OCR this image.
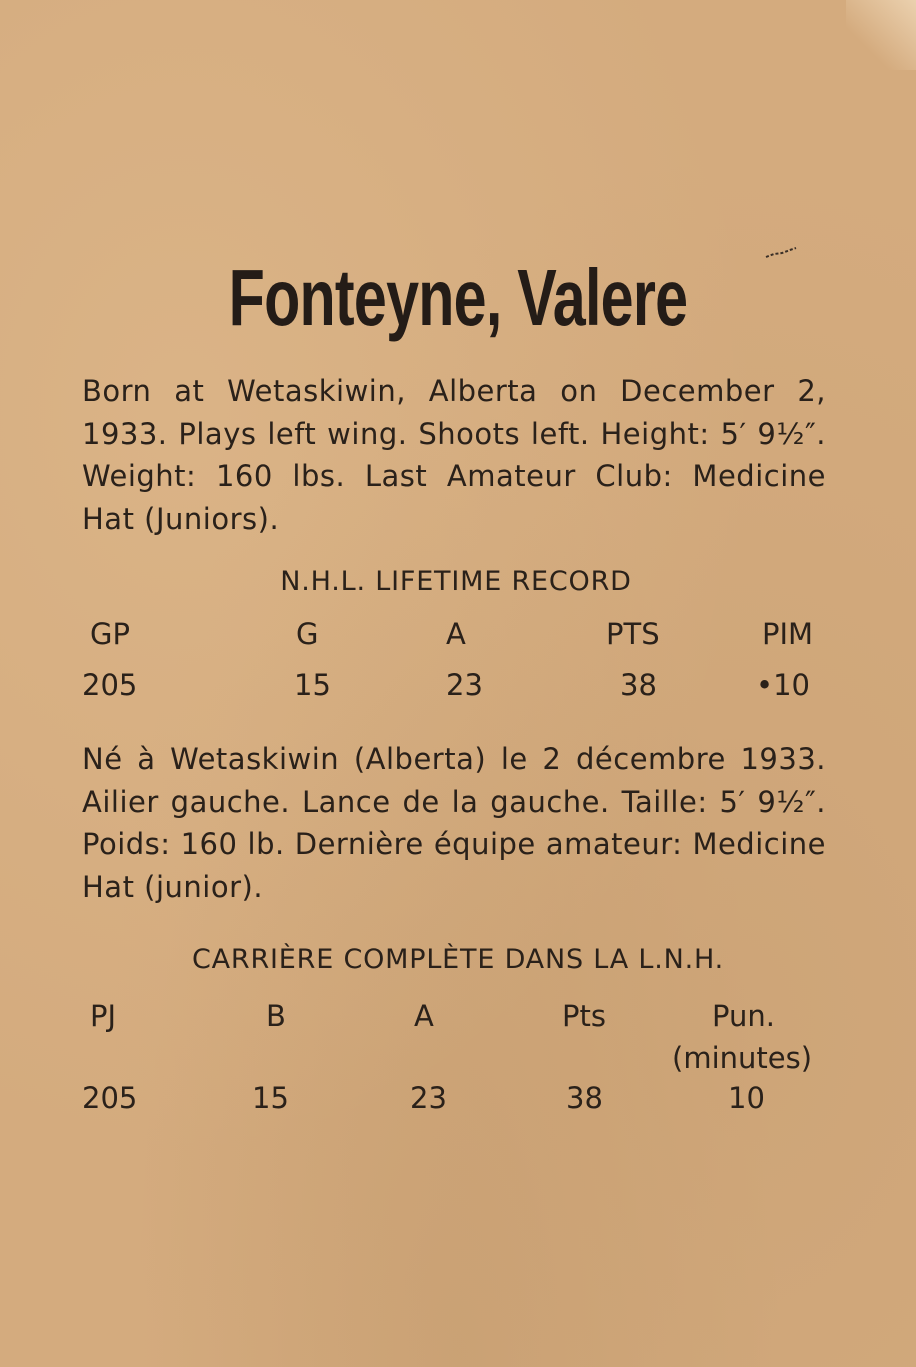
Fonteyne, Valere
Born at Wetaskiwin, Alberta on December 2, 1933. Plays left wing. Shoots left. Height: 5′ 9½″. Weight: 160 lbs. Last Amateur Club: Medicine Hat (Juniors).
N.H.L. LIFETIME RECORD
GP	G	A	PTS	PIM
205	15	23	38	•10
Né à Wetaskiwin (Alberta) le 2 décembre 1933. Ailier gauche. Lance de la gauche. Taille: 5′ 9½″. Poids: 160 lb. Dernière équipe amateur: Medicine Hat (junior).
CARRIÈRE COMPLÈTE DANS LA L.N.H.
PJ	B	A	Pts	Pun.
(minutes)
205	15	23	38	10
